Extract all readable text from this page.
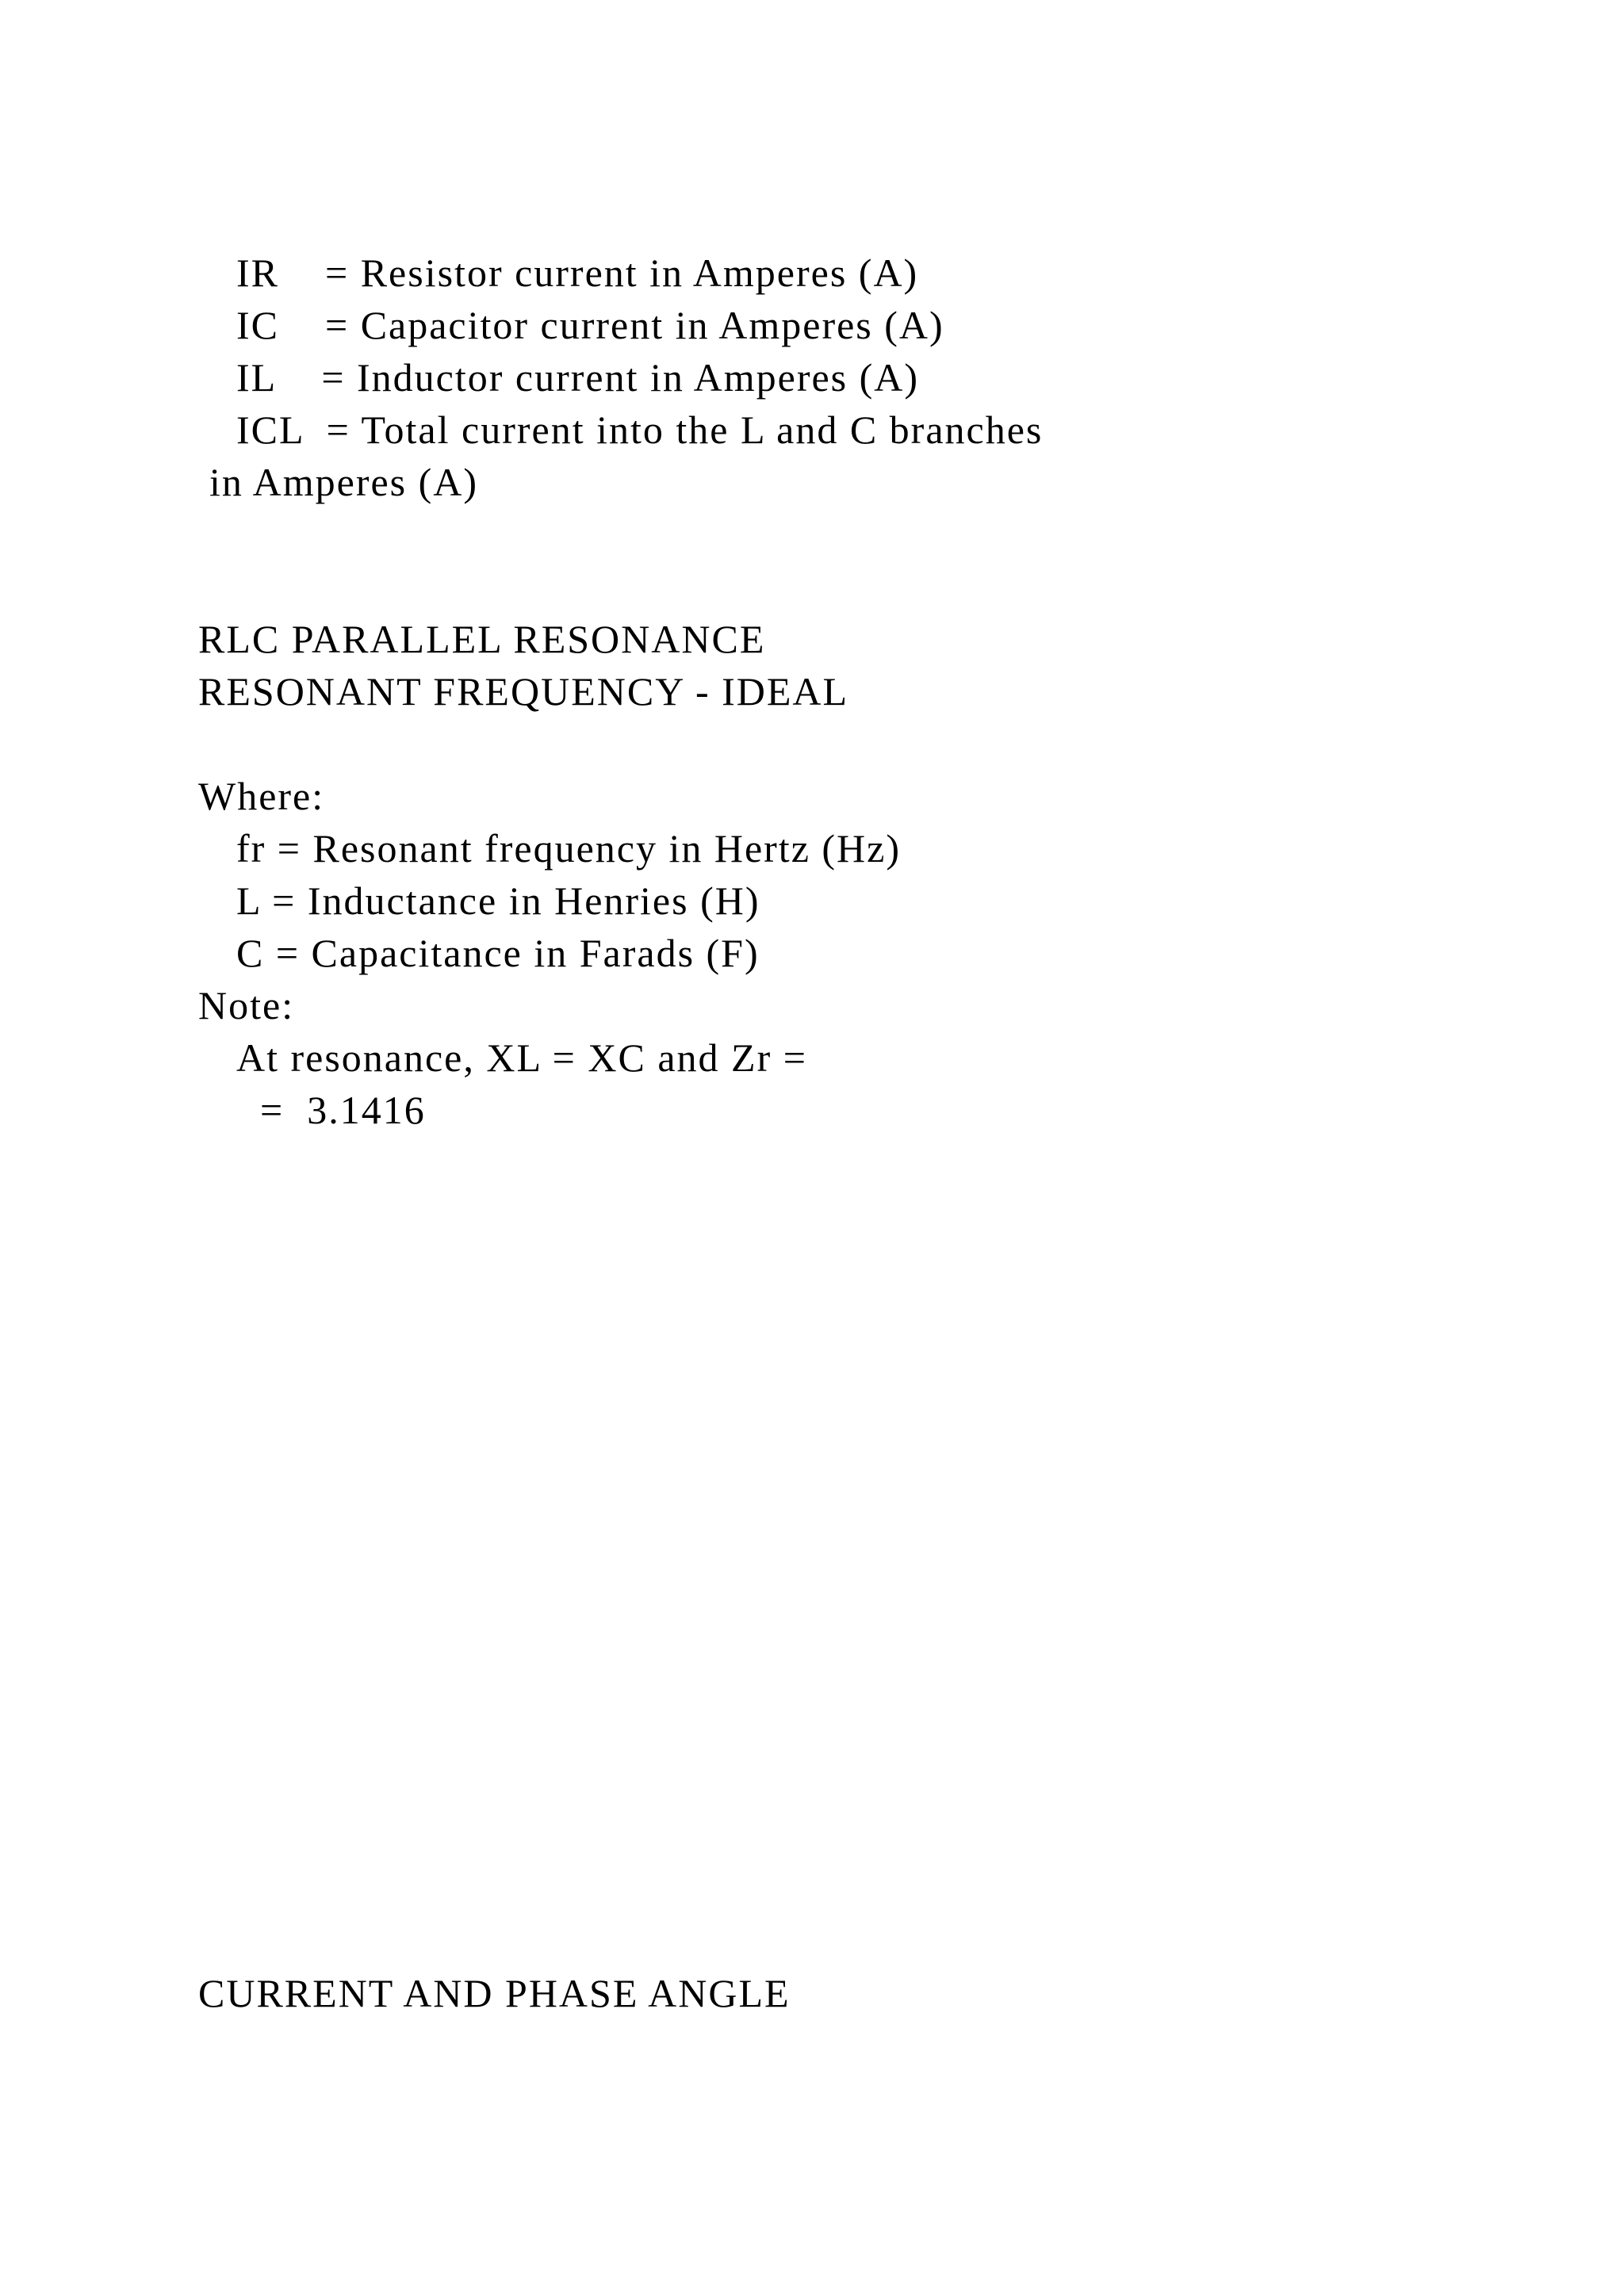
IR    = Resistor current in Amperes (A)
IC    = Capacitor current in Amperes (A)
IL    = Inductor current in Amperes (A)
ICL  = Total current into the L and C branches
in Amperes (A)
RLC PARALLEL RESONANCE
RESONANT FREQUENCY - IDEAL
Where:
fr = Resonant frequency in Hertz (Hz)
L = Inductance in Henries (H)
C = Capacitance in Farads (F)
Note:
At resonance, XL = XC and Zr =
=  3.1416
CURRENT AND PHASE ANGLE
